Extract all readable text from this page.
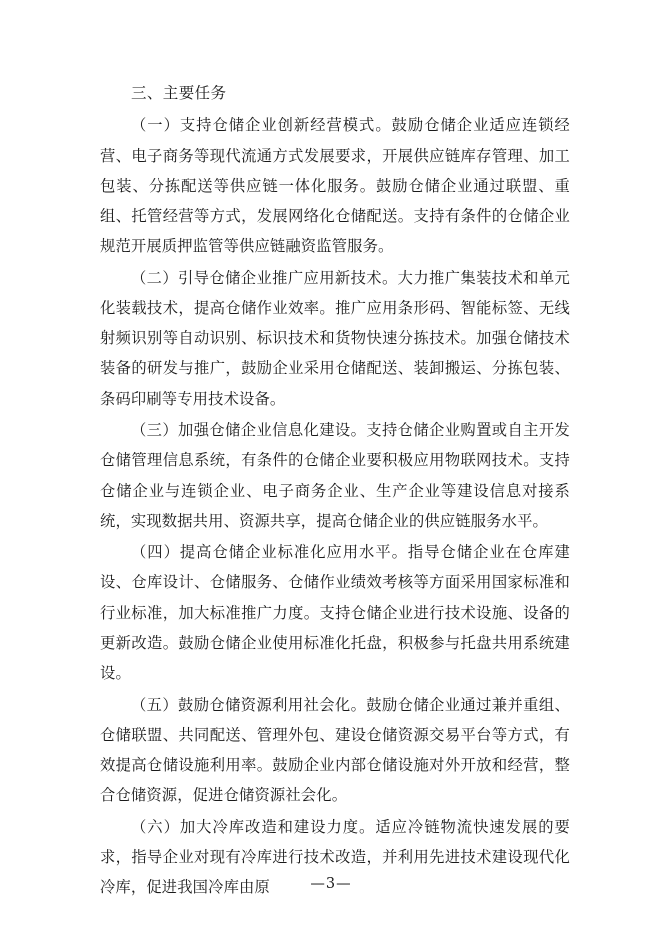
三、主要任务

（一）支持仓储企业创新经营模式。鼓励仓储企业适应连锁经营、电子商务等现代流通方式发展要求，开展供应链库存管理、加工包装、分拣配送等供应链一体化服务。鼓励仓储企业通过联盟、重组、托管经营等方式，发展网络化仓储配送。支持有条件的仓储企业规范开展质押监管等供应链融资监管服务。

（二）引导仓储企业推广应用新技术。大力推广集装技术和单元化装载技术，提高仓储作业效率。推广应用条形码、智能标签、无线射频识别等自动识别、标识技术和货物快速分拣技术。加强仓储技术装备的研发与推广，鼓励企业采用仓储配送、装卸搬运、分拣包装、条码印刷等专用技术设备。

（三）加强仓储企业信息化建设。支持仓储企业购置或自主开发仓储管理信息系统，有条件的仓储企业要积极应用物联网技术。支持仓储企业与连锁企业、电子商务企业、生产企业等建设信息对接系统，实现数据共用、资源共享，提高仓储企业的供应链服务水平。

（四）提高仓储企业标准化应用水平。指导仓储企业在仓库建设、仓库设计、仓储服务、仓储作业绩效考核等方面采用国家标准和行业标准，加大标准推广力度。支持仓储企业进行技术设施、设备的更新改造。鼓励仓储企业使用标准化托盘，积极参与托盘共用系统建设。

（五）鼓励仓储资源利用社会化。鼓励仓储企业通过兼并重组、仓储联盟、共同配送、管理外包、建设仓储资源交易平台等方式，有效提高仓储设施利用率。鼓励企业内部仓储设施对外开放和经营，整合仓储资源，促进仓储资源社会化。

（六）加大冷库改造和建设力度。适应冷链物流快速发展的要求，指导企业对现有冷库进行技术改造，并利用先进技术建设现代化冷库，促进我国冷库由原	—3—
